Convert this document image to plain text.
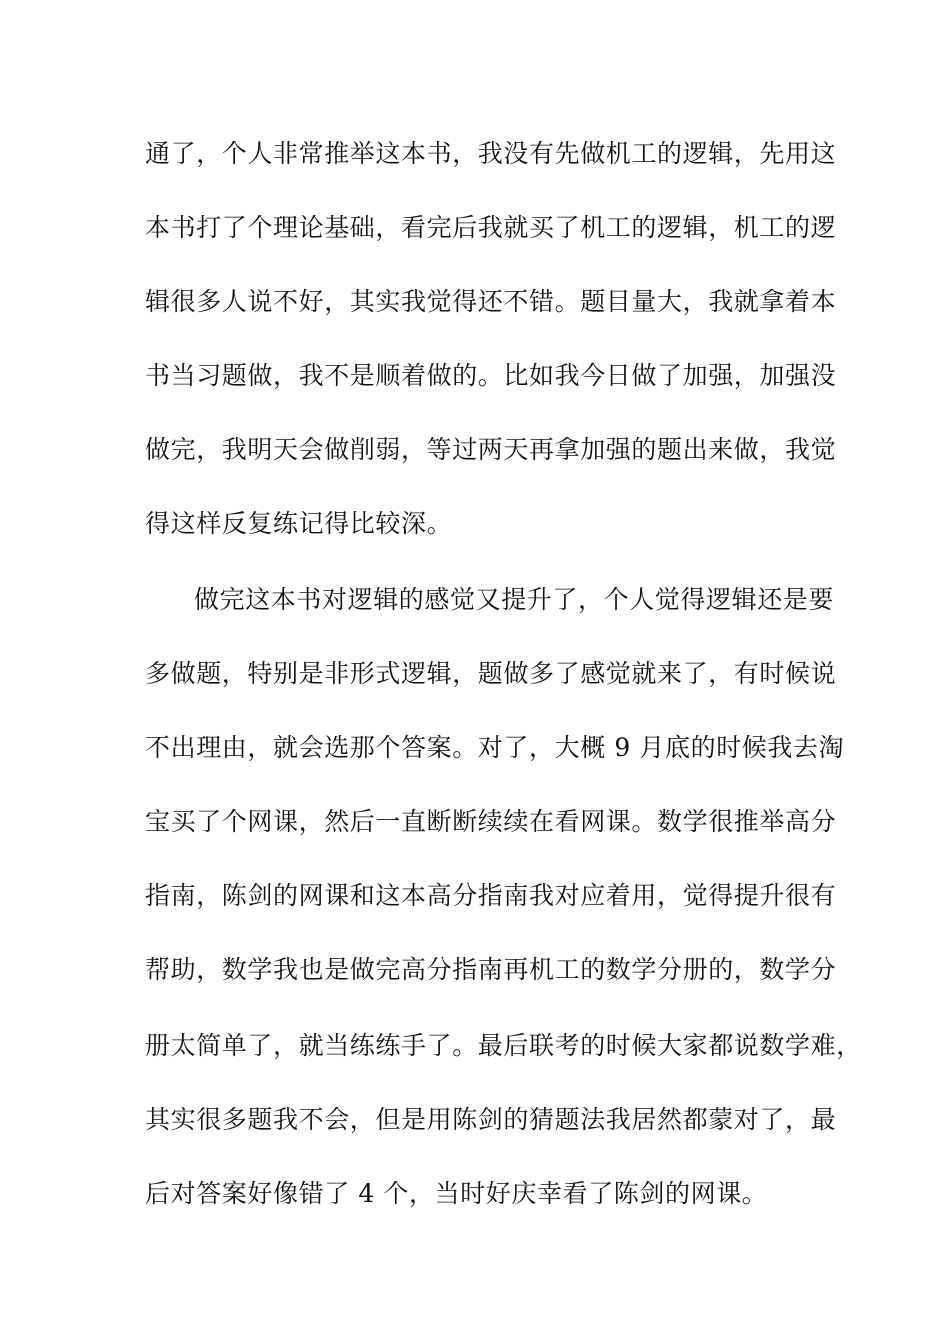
通了，个人非常推举这本书，我没有先做机工的逻辑，先用这
本书打了个理论基础，看完后我就买了机工的逻辑，机工的逻
辑很多人说不好，其实我觉得还不错。题目量大，我就拿着本
书当习题做，我不是顺着做的。比如我今日做了加强，加强没
做完，我明天会做削弱，等过两天再拿加强的题出来做，我觉
得这样反复练记得比较深。
做完这本书对逻辑的感觉又提升了，个人觉得逻辑还是要
多做题，特别是非形式逻辑，题做多了感觉就来了，有时候说
不出理由，就会选那个答案。对了，大概 9 月底的时候我去淘
宝买了个网课，然后一直断断续续在看网课。数学很推举高分
指南，陈剑的网课和这本高分指南我对应着用，觉得提升很有
帮助，数学我也是做完高分指南再机工的数学分册的，数学分
册太简单了，就当练练手了。最后联考的时候大家都说数学难，
其实很多题我不会，但是用陈剑的猜题法我居然都蒙对了，最
后对答案好像错了 4 个，当时好庆幸看了陈剑的网课。
